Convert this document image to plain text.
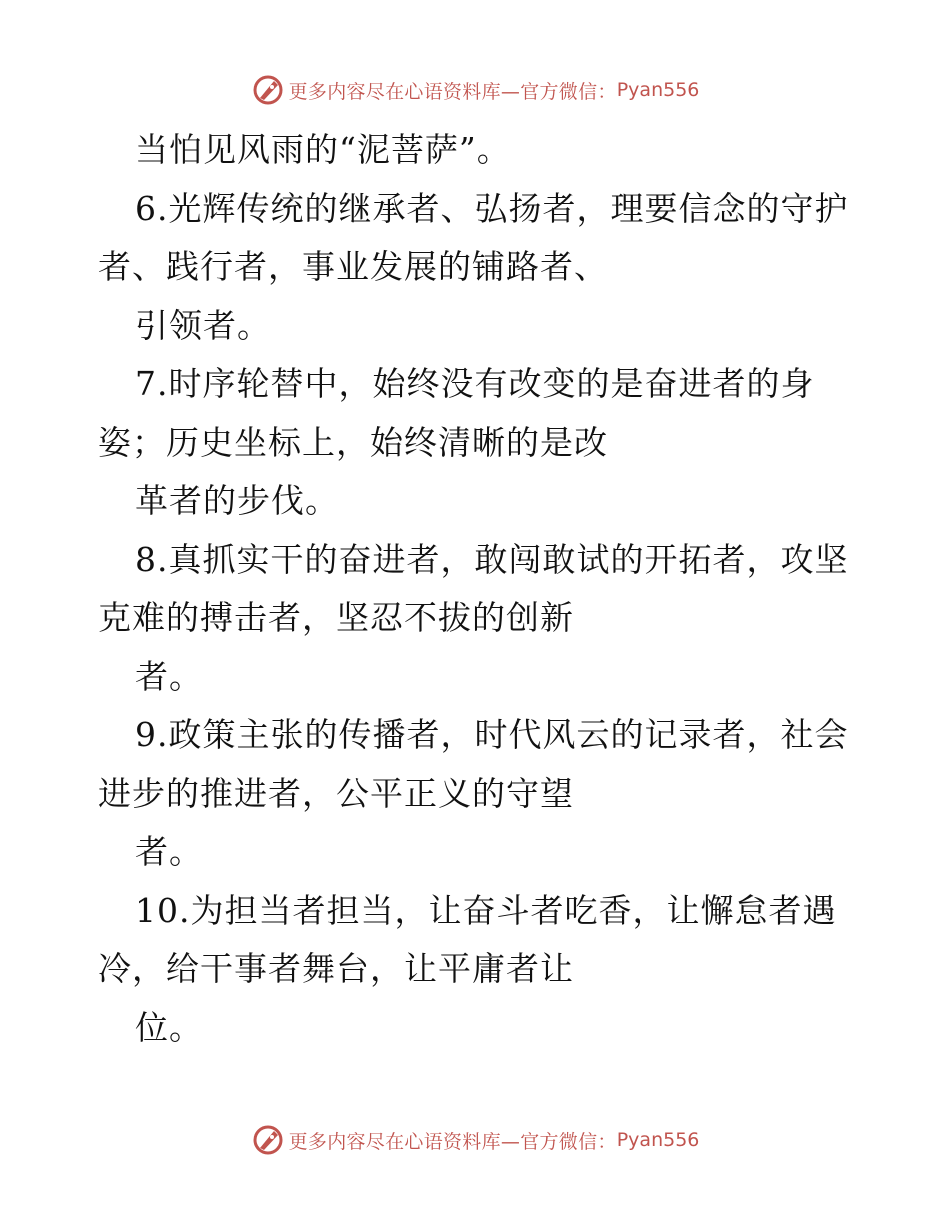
更多内容尽在心语资料库—官方微信： Pyan556
当怕见风雨的“泥菩萨”。
6.光辉传统的继承者、弘扬者，理要信念的守护
者、践行者，事业发展的铺路者、
引领者。
7.时序轮替中，始终没有改变的是奋进者的身
姿；历史坐标上，始终清晰的是改
革者的步伐。
8.真抓实干的奋进者，敢闯敢试的开拓者，攻坚
克难的搏击者，坚忍不拔的创新
者。
9.政策主张的传播者，时代风云的记录者，社会
进步的推进者，公平正义的守望
者。
10.为担当者担当，让奋斗者吃香，让懈怠者遇
冷，给干事者舞台，让平庸者让
位。
更多内容尽在心语资料库—官方微信： Pyan556
